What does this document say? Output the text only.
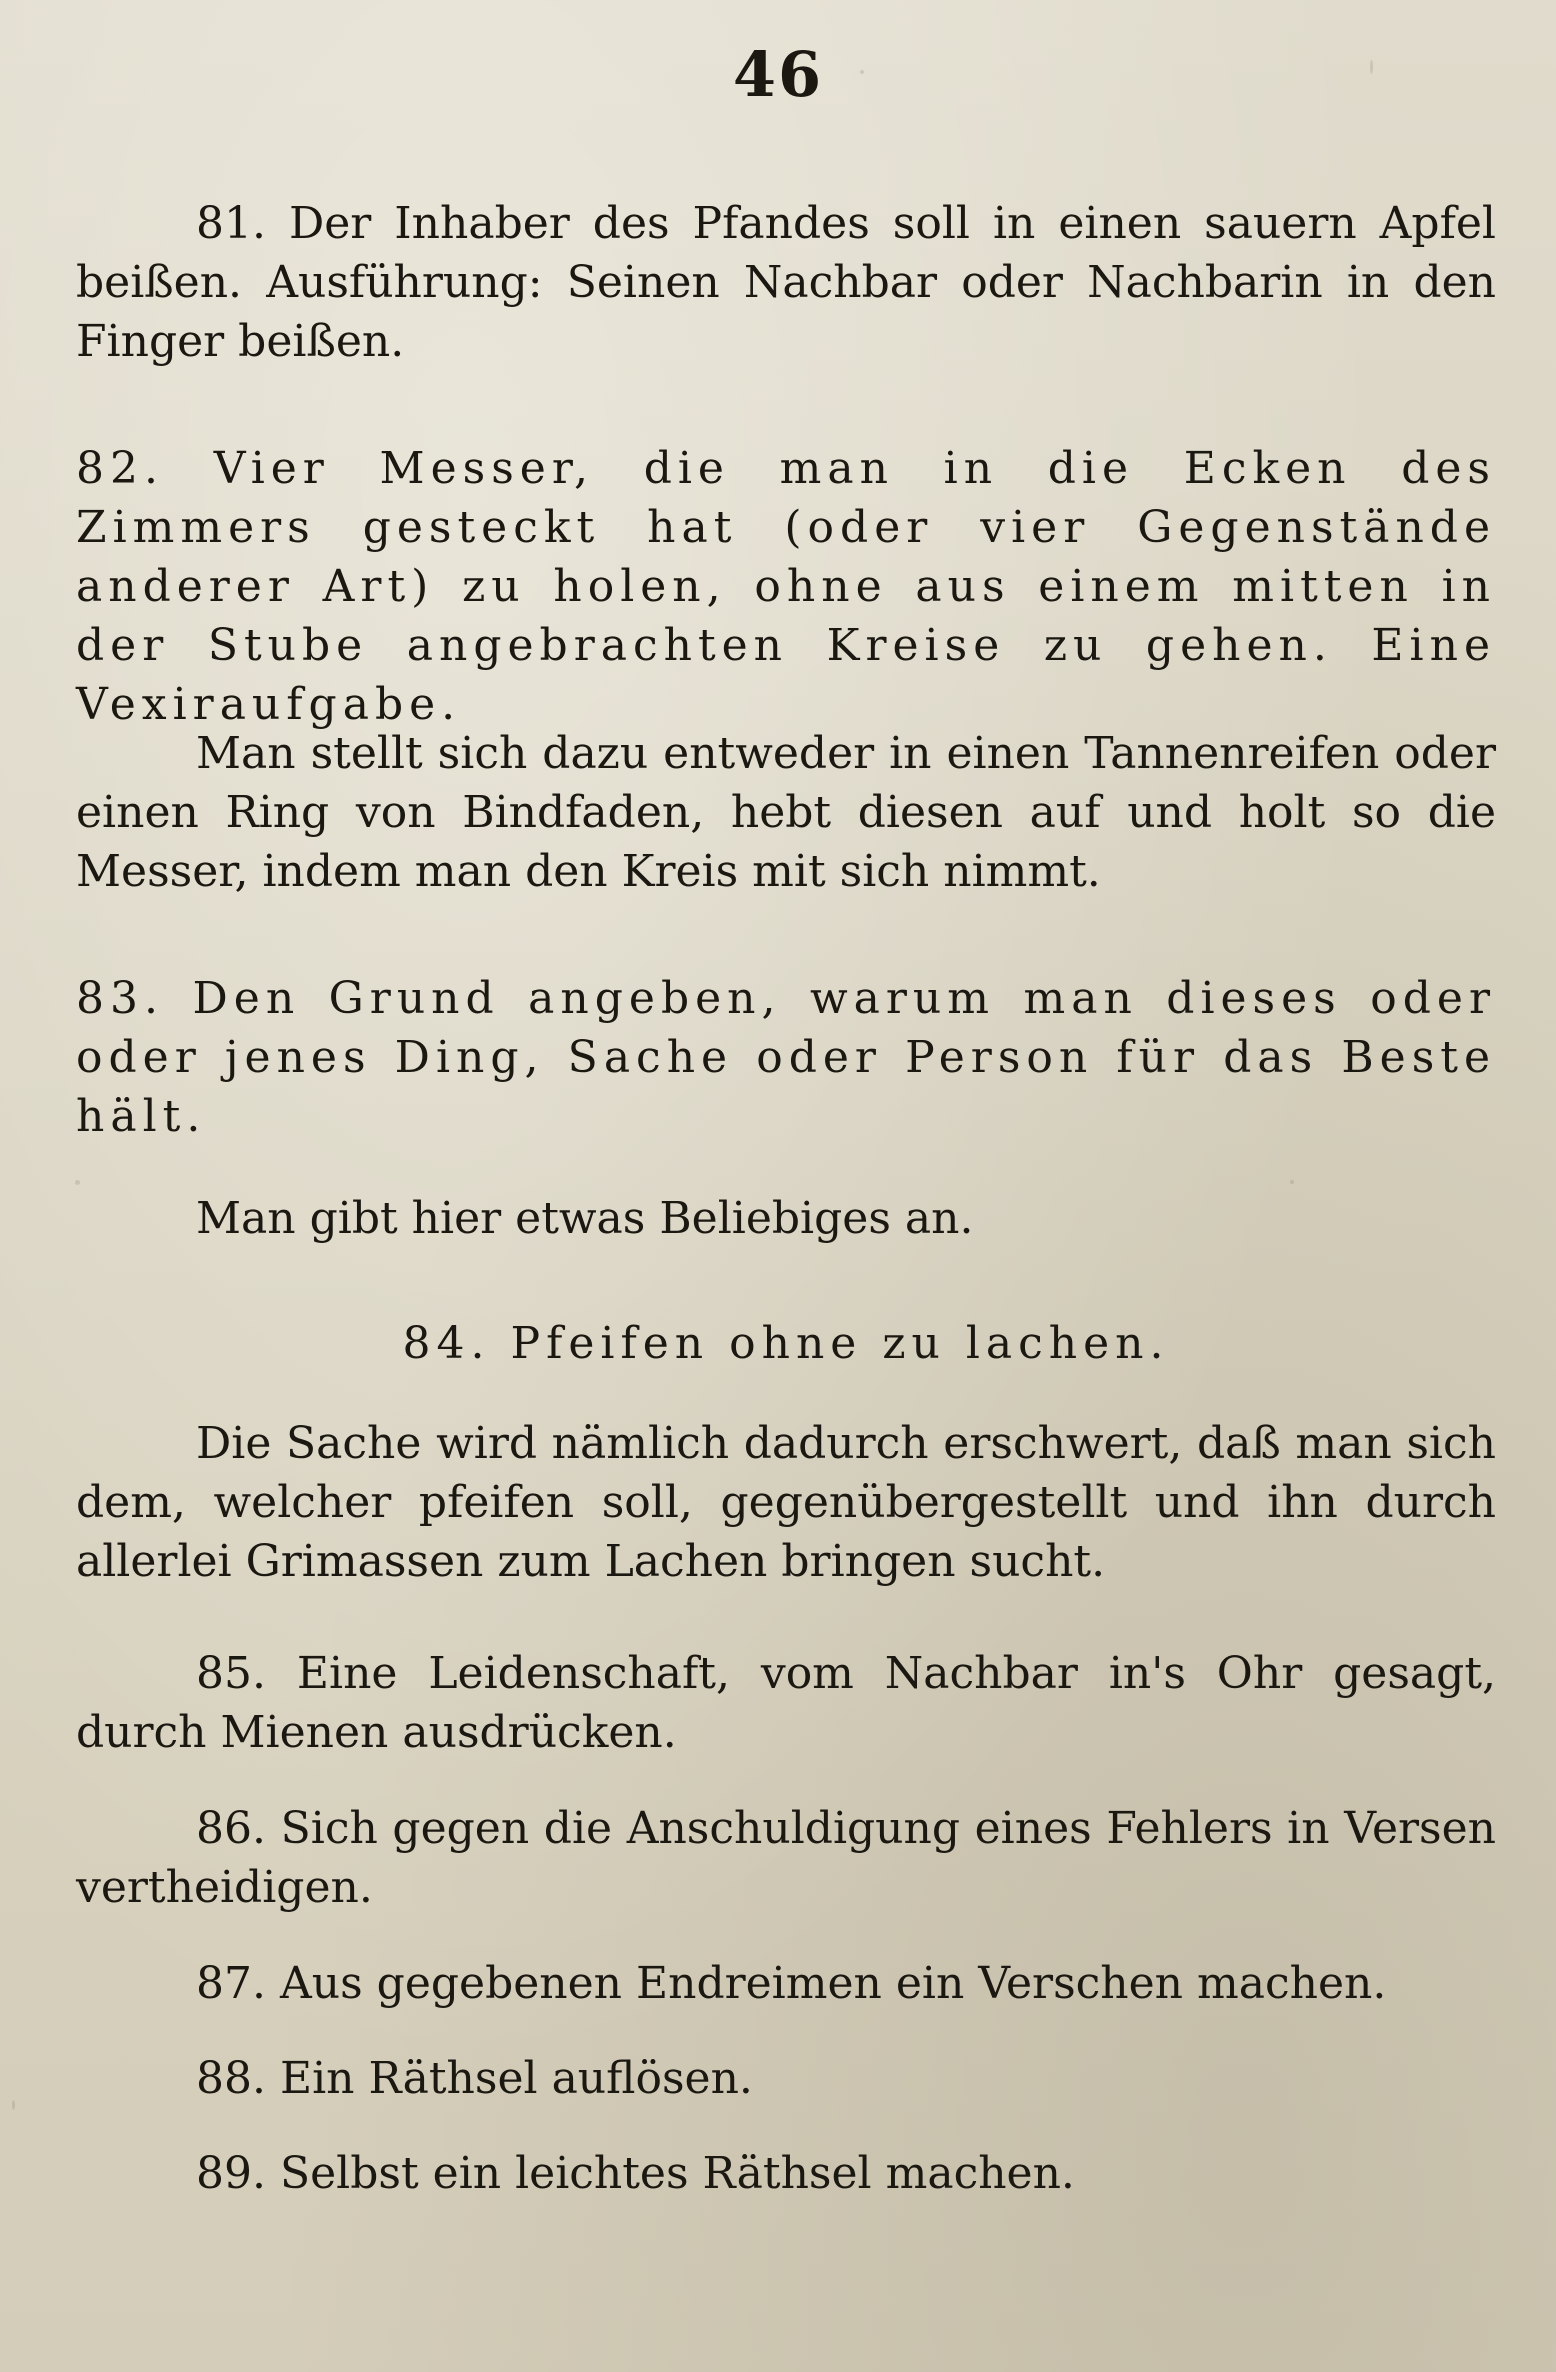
46

81. Der Inhaber des Pfandes soll in einen sauern Apfel beißen. Ausführung: Seinen Nachbar oder Nachbarin in den Finger beißen.

82. Vier Messer, die man in die Ecken des Zimmers gesteckt hat (oder vier Gegenstände anderer Art) zu holen, ohne aus einem mitten in der Stube angebrachten Kreise zu gehen. Eine Vexiraufgabe.

Man stellt sich dazu entweder in einen Tannenreifen oder einen Ring von Bindfaden, hebt diesen auf und holt so die Messer, indem man den Kreis mit sich nimmt.

83. Den Grund angeben, warum man dieses oder oder jenes Ding, Sache oder Person für das Beste hält.

Man gibt hier etwas Beliebiges an.

84. Pfeifen ohne zu lachen.

Die Sache wird nämlich dadurch erschwert, daß man sich dem, welcher pfeifen soll, gegenübergestellt und ihn durch allerlei Grimassen zum Lachen bringen sucht.

85. Eine Leidenschaft, vom Nachbar in's Ohr gesagt, durch Mienen ausdrücken.

86. Sich gegen die Anschuldigung eines Fehlers in Versen vertheidigen.

87. Aus gegebenen Endreimen ein Verschen machen.

88. Ein Räthsel auflösen.

89. Selbst ein leichtes Räthsel machen.
